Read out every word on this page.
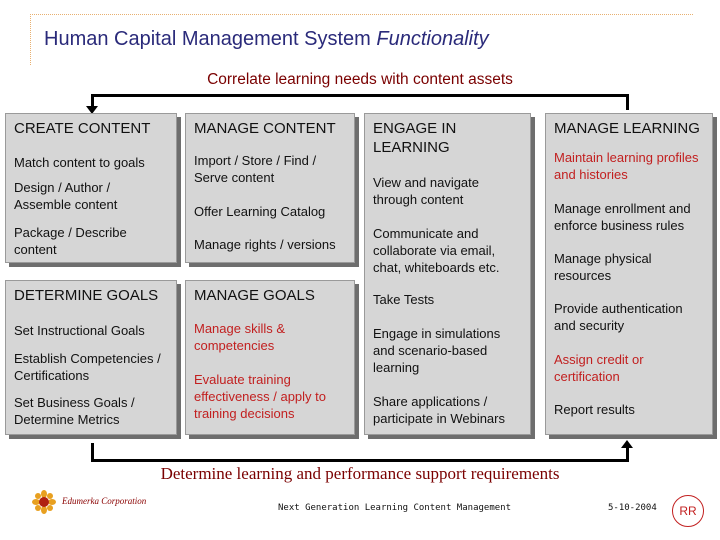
Human Capital Management System Functionality
Correlate learning needs with content assets
CREATE CONTENT
Match content to goals
Design / Author / Assemble content
Package / Describe content
DETERMINE GOALS
Set Instructional Goals
Establish Competencies / Certifications
Set Business Goals / Determine Metrics
MANAGE CONTENT
Import / Store / Find / Serve content
Offer Learning Catalog
Manage rights / versions
MANAGE GOALS
Manage skills & competencies
Evaluate training effectiveness / apply to training decisions
ENGAGE IN LEARNING
View and navigate through content
Communicate and collaborate via email, chat, whiteboards etc.
Take Tests
Engage in simulations and scenario-based learning
Share applications / participate in Webinars
MANAGE LEARNING
Maintain learning profiles and histories
Manage enrollment and enforce business rules
Manage physical resources
Provide authentication and security
Assign credit or certification
Report results
Determine learning and performance support requirements
Edumerka Corporation
Next Generation Learning Content Management	5-10-2004	RR
